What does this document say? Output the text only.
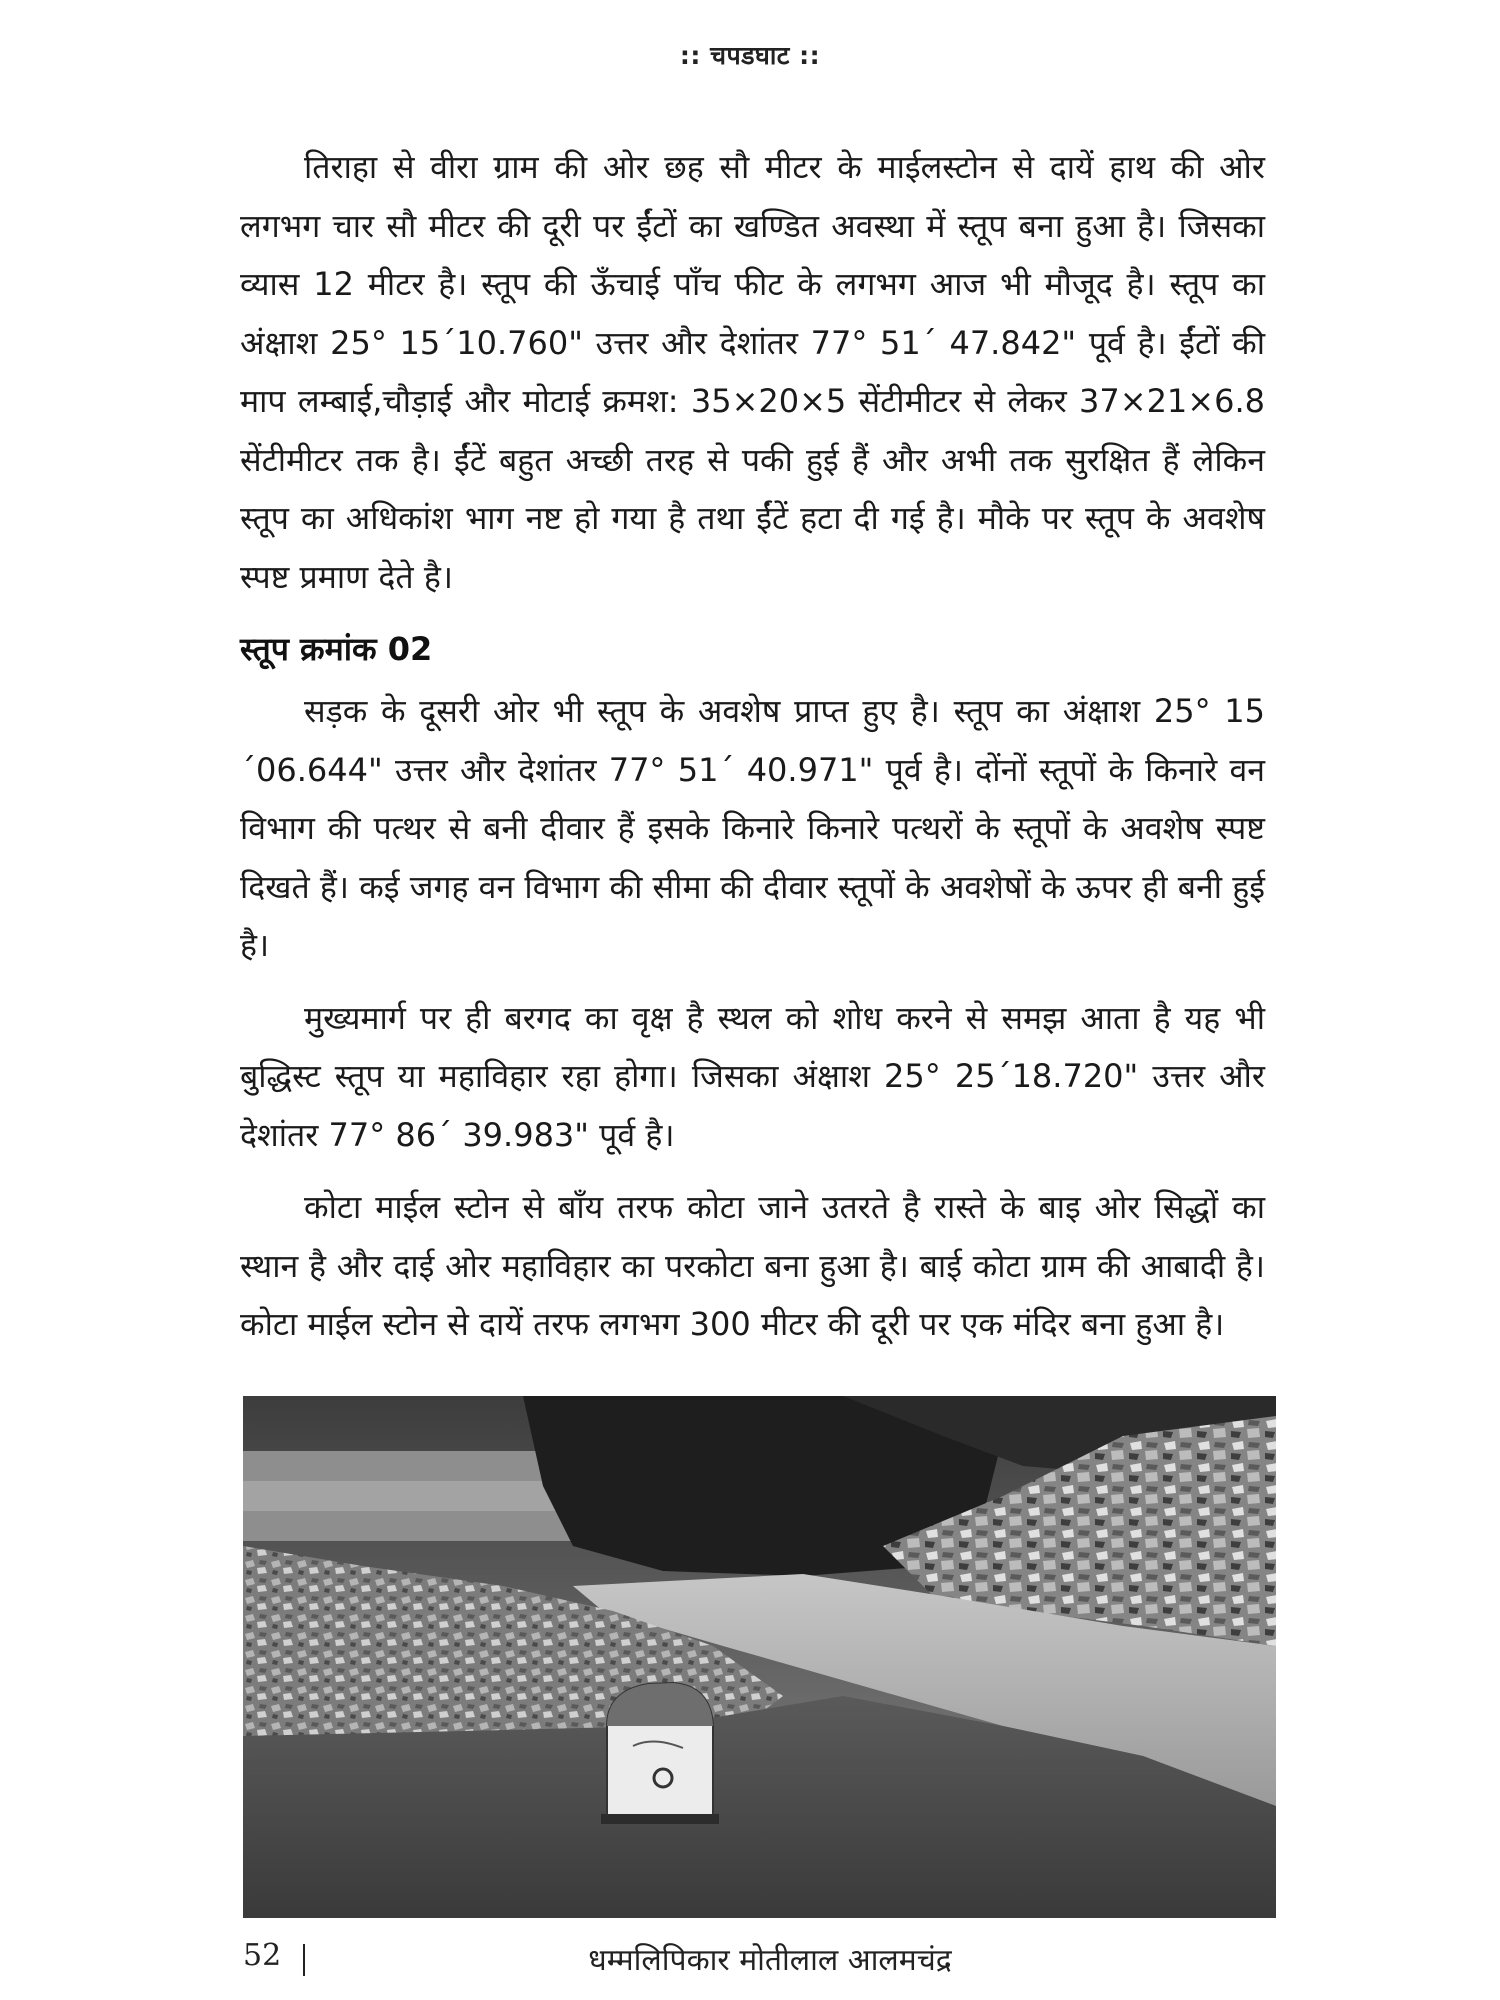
:: चपडघाट ::

तिराहा से वीरा ग्राम की ओर छह सौ मीटर के माईलस्टोन से दायें हाथ की ओर लगभग चार सौ मीटर की दूरी पर ईंटों का खण्डित अवस्था में स्तूप बना हुआ है। जिसका व्यास 12 मीटर है। स्तूप की ऊँचाई पाँच फीट के लगभग आज भी मौजूद है। स्तूप का अंक्षाश 25° 15´10.760" उत्तर और देशांतर 77° 51´ 47.842" पूर्व है। ईंटों की माप लम्बाई,चौड़ाई और मोटाई क्रमश: 35×20×5 सेंटीमीटर से लेकर 37×21×6.8 सेंटीमीटर तक है। ईंटें बहुत अच्छी तरह से पकी हुई हैं और अभी तक सुरक्षित हैं लेकिन स्तूप का अधिकांश भाग नष्ट हो गया है तथा ईंटें हटा दी गई है। मौके पर स्तूप के अवशेष स्पष्ट प्रमाण देते है।

स्तूप क्रमांक 02

सड़क के दूसरी ओर भी स्तूप के अवशेष प्राप्त हुए है। स्तूप का अंक्षाश 25° 15´06.644" उत्तर और देशांतर 77° 51´ 40.971" पूर्व है। दोंनों स्तूपों के किनारे वन विभाग की पत्थर से बनी दीवार हैं इसके किनारे किनारे पत्थरों के स्तूपों के अवशेष स्पष्ट दिखते हैं। कई जगह वन विभाग की सीमा की दीवार स्तूपों के अवशेषों के ऊपर ही बनी हुई है।

मुख्यमार्ग पर ही बरगद का वृक्ष है स्थल को शोध करने से समझ आता है यह भी बुद्धिस्ट स्तूप या महाविहार रहा होगा। जिसका अंक्षाश 25° 25´18.720" उत्तर और देशांतर 77° 86´ 39.983" पूर्व है।

कोटा माईल स्टोन से बाँय तरफ कोटा जाने उतरते है रास्ते के बाइ ओर सिद्धों का स्थान है और दाई ओर महाविहार का परकोटा बना हुआ है। बाई कोटा ग्राम की आबादी है। कोटा माईल स्टोन से दायें तरफ लगभग 300 मीटर की दूरी पर एक मंदिर बना हुआ है।

52	धम्मलिपिकार मोतीलाल आलमचंद्र
